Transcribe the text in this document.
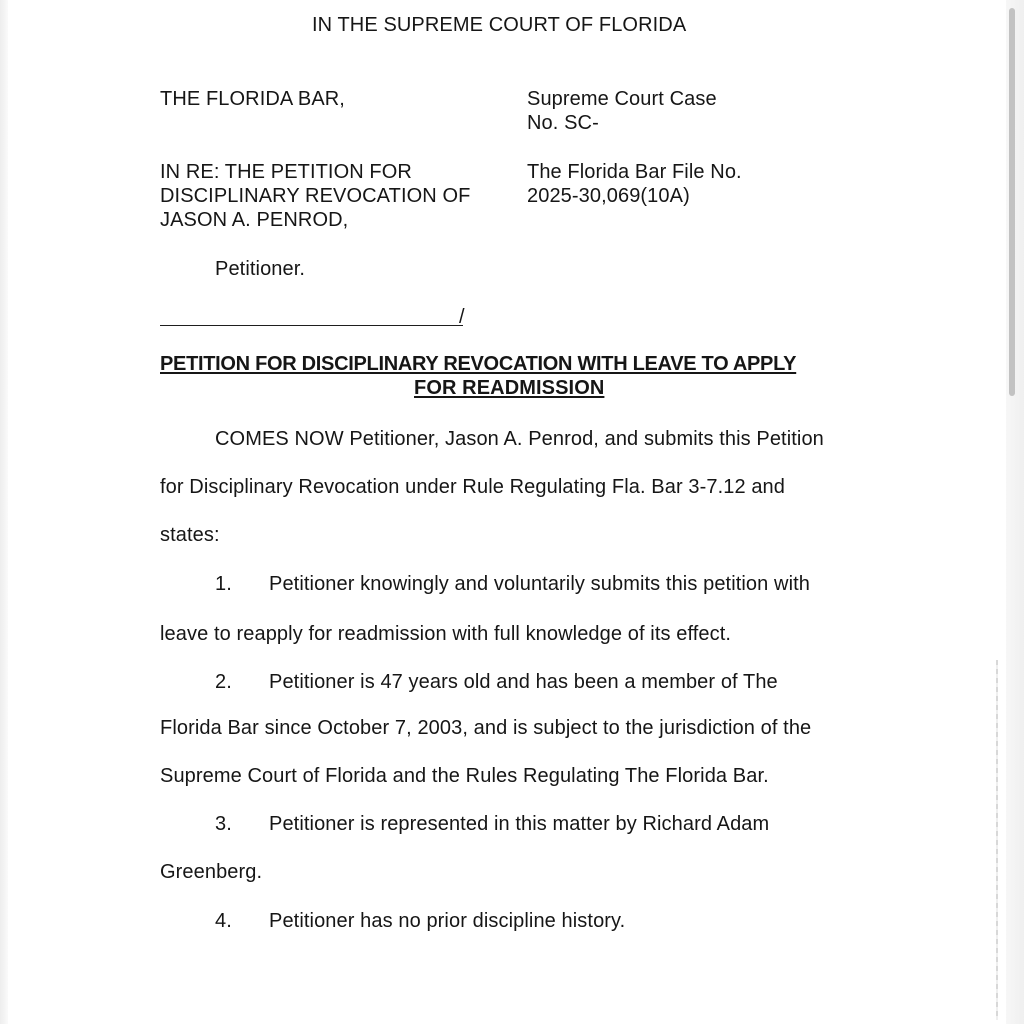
IN THE SUPREME COURT OF FLORIDA
THE FLORIDA BAR,	Supreme Court Case
No. SC-
IN RE: THE PETITION FOR
DISCIPLINARY REVOCATION OF
JASON A. PENROD,
The Florida Bar File No.
2025-30,069(10A)
Petitioner.
/
PETITION FOR DISCIPLINARY REVOCATION WITH LEAVE TO APPLY
FOR READMISSION
COMES NOW Petitioner, Jason A. Penrod, and submits this Petition
for Disciplinary Revocation under Rule Regulating Fla. Bar 3-7.12 and
states:
1. Petitioner knowingly and voluntarily submits this petition with
leave to reapply for readmission with full knowledge of its effect.
2. Petitioner is 47 years old and has been a member of The
Florida Bar since October 7, 2003, and is subject to the jurisdiction of the
Supreme Court of Florida and the Rules Regulating The Florida Bar.
3. Petitioner is represented in this matter by Richard Adam
Greenberg.
4. Petitioner has no prior discipline history.
